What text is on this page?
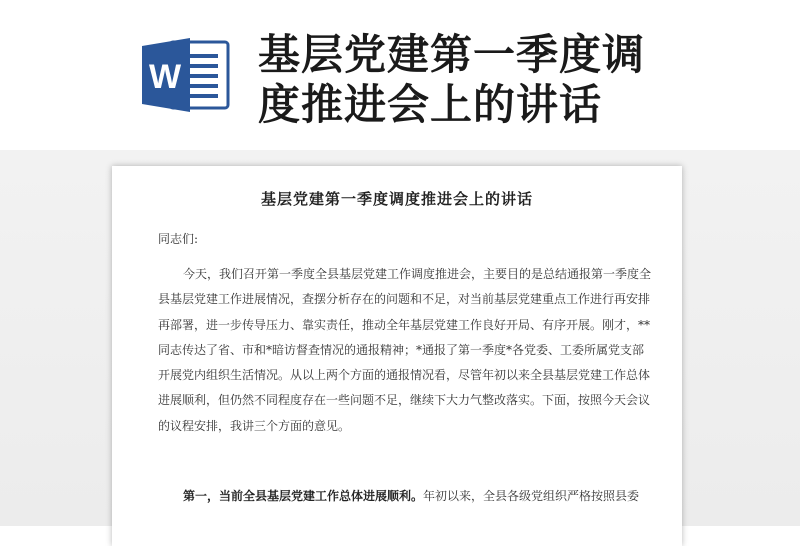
W 基层党建第一季度调度推进会上的讲话
基层党建第一季度调度推进会上的讲话
同志们:

今天，我们召开第一季度全县基层党建工作调度推进会，主要目的是总结通报第一季度全县基层党建工作进展情况，查摆分析存在的问题和不足，对当前基层党建重点工作进行再安排再部署，进一步传导压力、靠实责任，推动全年基层党建工作良好开局、有序开展。刚才，**同志传达了省、市和*暗访督查情况的通报精神；*通报了第一季度*各党委、工委所属党支部开展党内组织生活情况。从以上两个方面的通报情况看，尽管年初以来全县基层党建工作总体进展顺利，但仍然不同程度存在一些问题不足，继续下大力气整改落实。下面，按照今天会议的议程安排，我讲三个方面的意见。

第一，当前全县基层党建工作总体进展顺利。年初以来，全县各级党组织严格按照县委
